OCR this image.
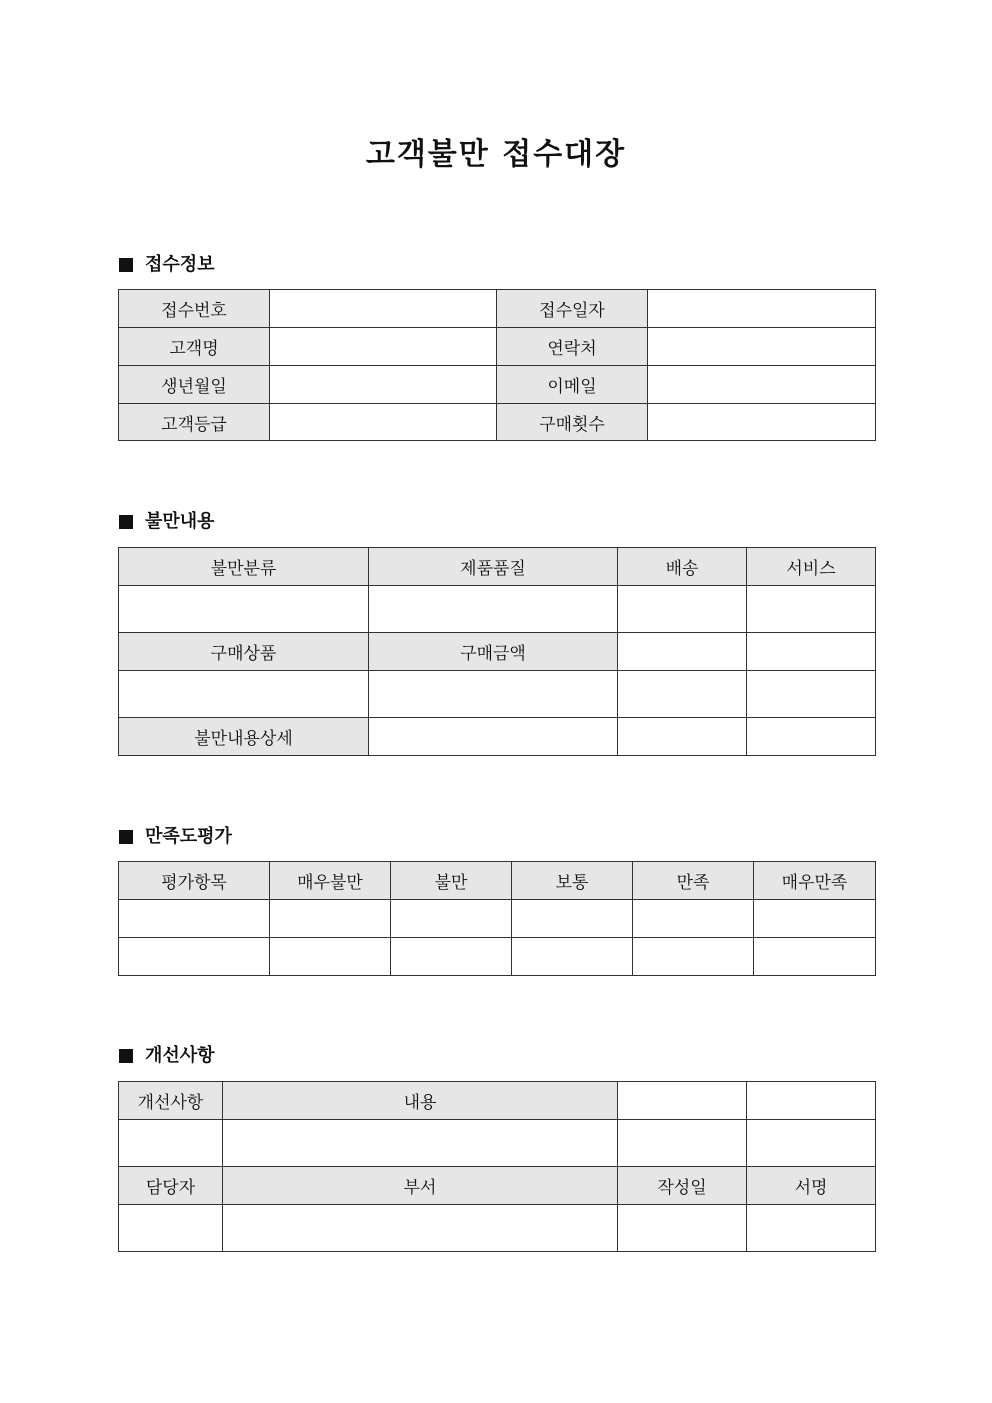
고객불만 접수대장
접수정보
접수번호		접수일자	
고객명		연락처	
생년월일		이메일	
고객등급		구매횟수	
불만내용
불만분류	제품품질	배송	서비스

구매상품	구매금액		

불만내용상세			
만족도평가
평가항목	매우불만	불만	보통	만족	매우만족

개선사항
개선사항	내용		

담당자	부서	작성일	서명
